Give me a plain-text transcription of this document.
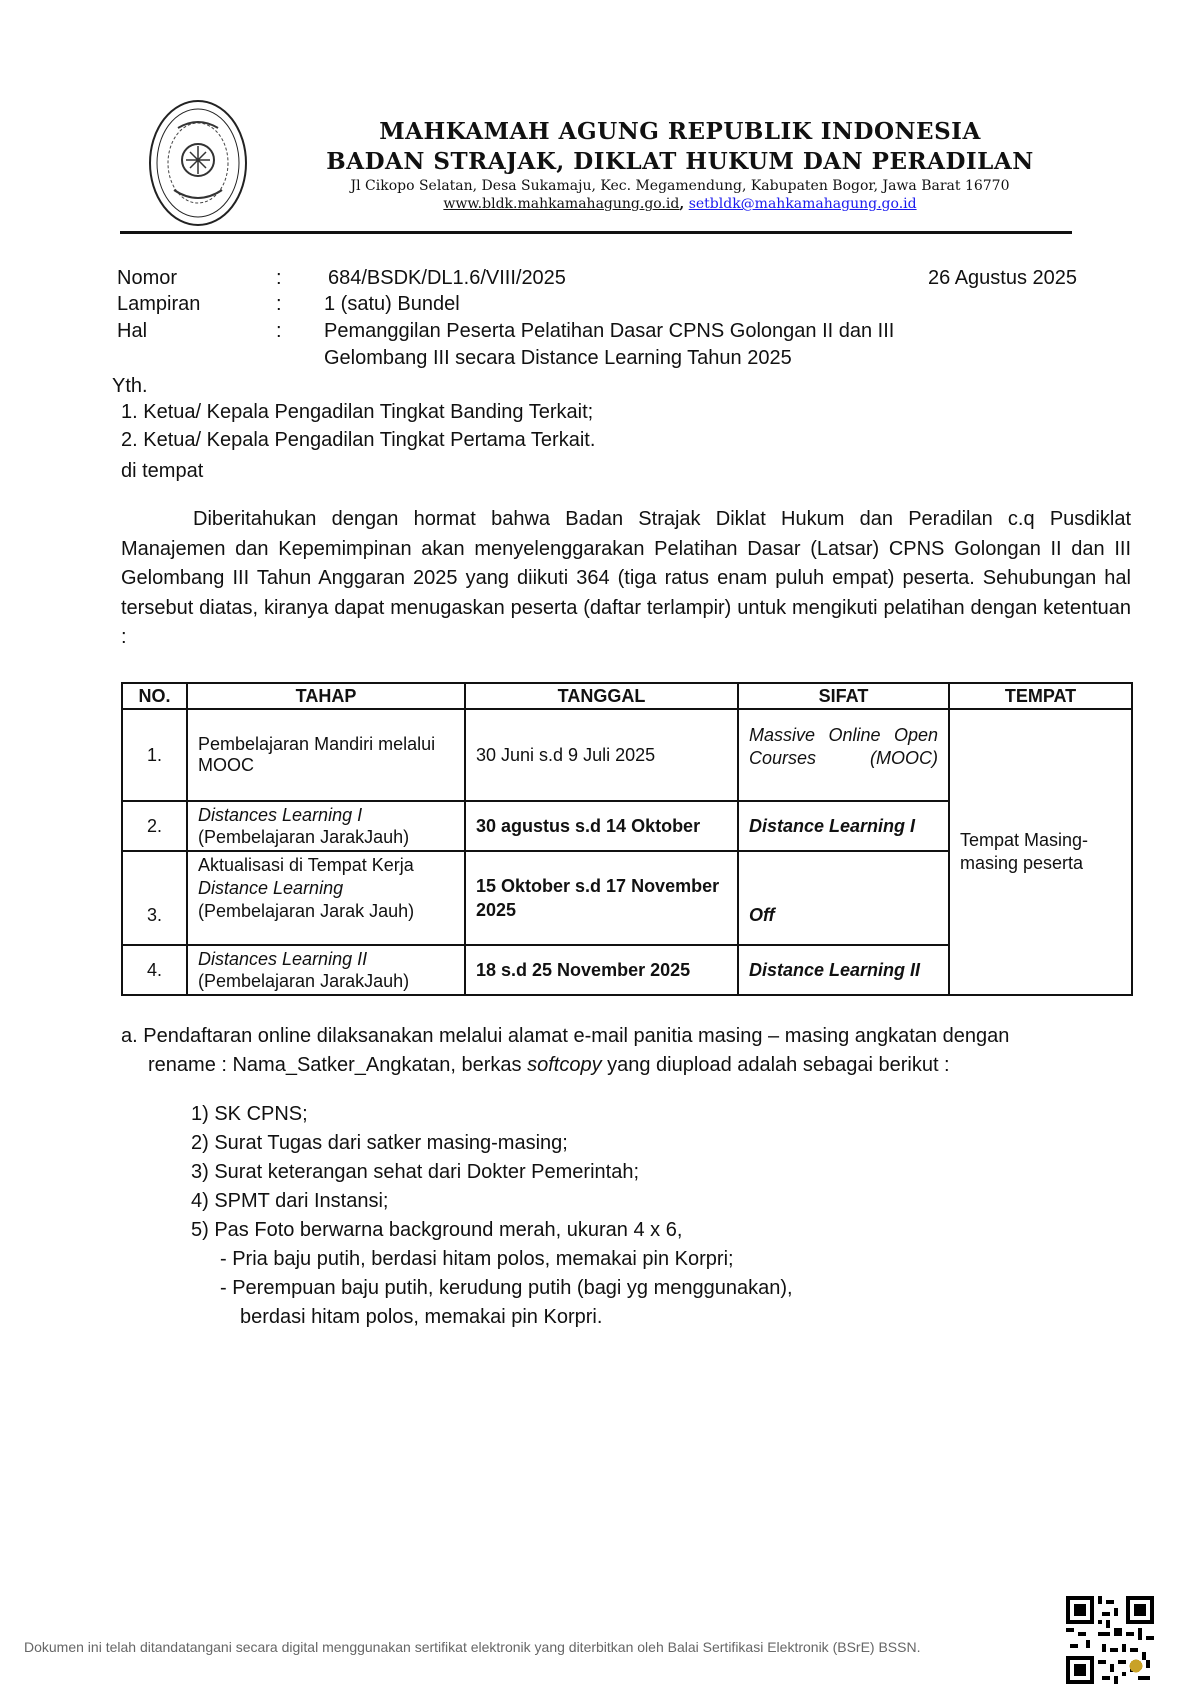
MAHKAMAH AGUNG REPUBLIK INDONESIA
BADAN STRAJAK, DIKLAT HUKUM DAN PERADILAN
Jl Cikopo Selatan, Desa Sukamaju, Kec. Megamendung, Kabupaten Bogor, Jawa Barat 16770
www.bldk.mahkamahagung.go.id, setbldk@mahkamahagung.go.id
Nomor	: 684/BSDK/DL1.6/VIII/2025	26 Agustus 2025
Lampiran	: 1 (satu) Bundel
Hal	: Pemanggilan Peserta Pelatihan Dasar CPNS Golongan II dan III
Gelombang III secara Distance Learning Tahun 2025
Yth.
1. Ketua/ Kepala Pengadilan Tingkat Banding Terkait;
2. Ketua/ Kepala Pengadilan Tingkat Pertama Terkait.
di tempat
Diberitahukan dengan hormat bahwa Badan Strajak Diklat Hukum dan Peradilan c.q Pusdiklat Manajemen dan Kepemimpinan akan menyelenggarakan Pelatihan Dasar (Latsar) CPNS Golongan II dan III Gelombang III Tahun Anggaran 2025 yang diikuti 364 (tiga ratus enam puluh empat) peserta. Sehubungan hal tersebut diatas, kiranya dapat menugaskan peserta (daftar terlampir) untuk mengikuti pelatihan dengan ketentuan :
NO.	TAHAP	TANGGAL	SIFAT	TEMPAT
1.	Pembelajaran Mandiri melalui MOOC	30 Juni s.d 9 Juli 2025	Massive Online Open Courses (MOOC)	Tempat Masing-masing peserta
2.	Distances Learning I
(Pembelajaran JarakJauh)	30 agustus s.d 14 Oktober	Distance Learning I	
3.	Aktualisasi di Tempat Kerja
Distance Learning
(Pembelajaran Jarak Jauh)	15 Oktober s.d 17 November 2025	Off	
4.	Distances Learning II
(Pembelajaran JarakJauh)	18 s.d 25 November 2025	Distance Learning II	
a. Pendaftaran online dilaksanakan melalui alamat e-mail panitia masing – masing angkatan dengan
rename : Nama_Satker_Angkatan, berkas softcopy yang diupload adalah sebagai berikut :
1) SK CPNS;
2) Surat Tugas dari satker masing-masing;
3) Surat keterangan sehat dari Dokter Pemerintah;
4) SPMT dari Instansi;
5) Pas Foto berwarna background merah, ukuran 4 x 6,
- Pria baju putih, berdasi hitam polos, memakai pin Korpri;
- Perempuan baju putih, kerudung putih (bagi yg menggunakan),
berdasi hitam polos, memakai pin Korpri.
Dokumen ini telah ditandatangani secara digital menggunakan sertifikat elektronik yang diterbitkan oleh Balai Sertifikasi Elektronik (BSrE) BSSN.
